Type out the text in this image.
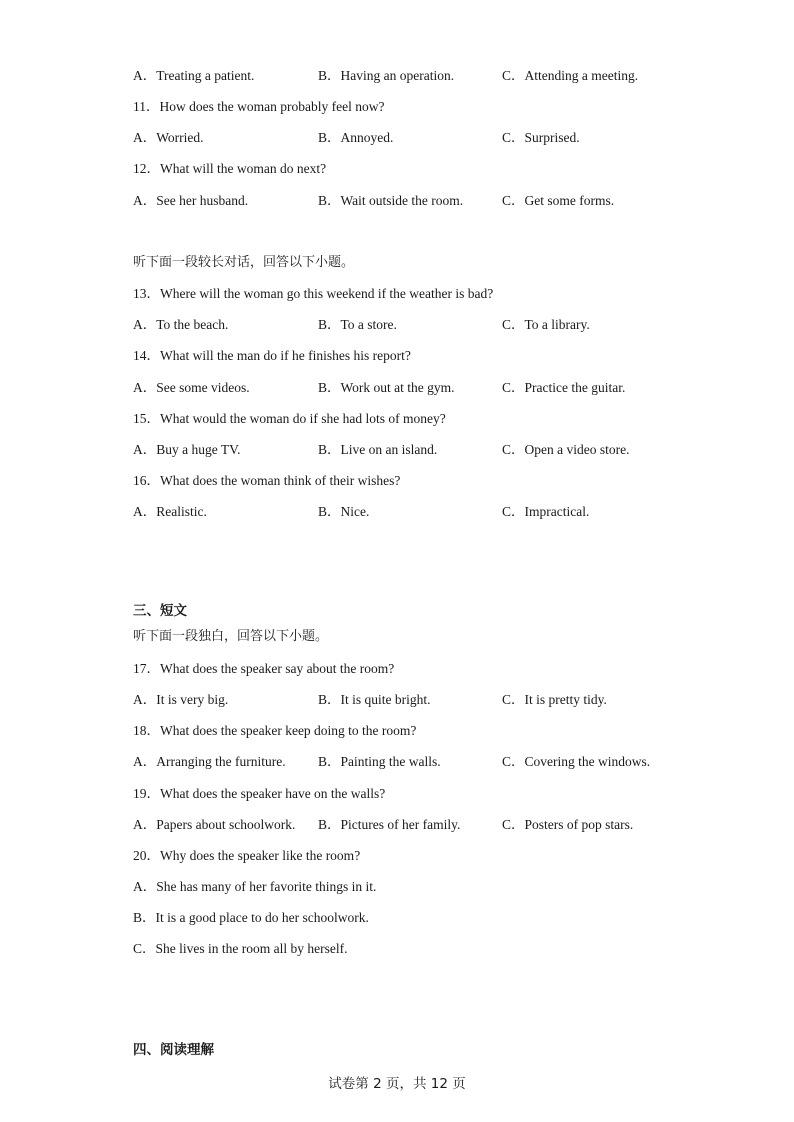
A．Treating a patient.	B．Having an operation.	C．Attending a meeting.
11．How does the woman probably feel now?
A．Worried.	B．Annoyed.	C．Surprised.
12．What will the woman do next?
A．See her husband.	B．Wait outside the room.	C．Get some forms.
听下面一段较长对话，回答以下小题。
13．Where will the woman go this weekend if the weather is bad?
A．To the beach.	B．To a store.	C．To a library.
14．What will the man do if he finishes his report?
A．See some videos.	B．Work out at the gym.	C．Practice the guitar.
15．What would the woman do if she had lots of money?
A．Buy a huge TV.	B．Live on an island.	C．Open a video store.
16．What does the woman think of their wishes?
A．Realistic.	B．Nice.	C．Impractical.
三、短文
听下面一段独白，回答以下小题。
17．What does the speaker say about the room?
A．It is very big.	B．It is quite bright.	C．It is pretty tidy.
18．What does the speaker keep doing to the room?
A．Arranging the furniture. B．Painting the walls.	C．Covering the windows.
19．What does the speaker have on the walls?
A．Papers about schoolwork. B．Pictures of her family.	C．Posters of pop stars.
20．Why does the speaker like the room?
A．She has many of her favorite things in it.
B．It is a good place to do her schoolwork.
C．She lives in the room all by herself.
四、阅读理解
试卷第 2 页，共 12 页
